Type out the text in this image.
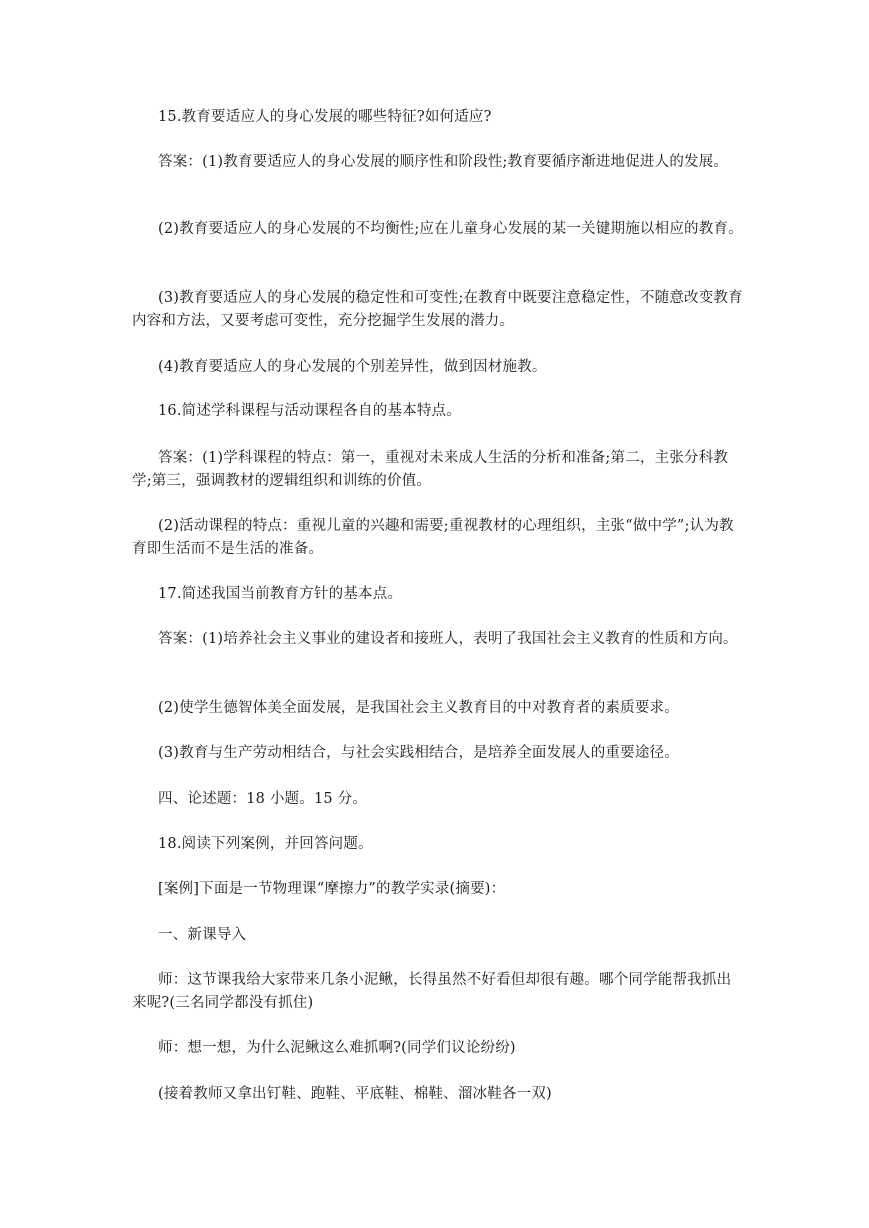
15.教育要适应人的身心发展的哪些特征?如何适应?

答案：(1)教育要适应人的身心发展的顺序性和阶段性;教育要循序渐进地促进人的发展。

(2)教育要适应人的身心发展的不均衡性;应在儿童身心发展的某一关键期施以相应的教育。

(3)教育要适应人的身心发展的稳定性和可变性;在教育中既要注意稳定性，不随意改变教育内容和方法，又要考虑可变性，充分挖掘学生发展的潜力。

(4)教育要适应人的身心发展的个别差异性，做到因材施教。

16.简述学科课程与活动课程各自的基本特点。

答案：(1)学科课程的特点：第一，重视对未来成人生活的分析和准备;第二，主张分科教学;第三，强调教材的逻辑组织和训练的价值。

(2)活动课程的特点：重视儿童的兴趣和需要;重视教材的心理组织，主张“做中学”;认为教育即生活而不是生活的准备。

17.简述我国当前教育方针的基本点。

答案：(1)培养社会主义事业的建设者和接班人，表明了我国社会主义教育的性质和方向。

(2)使学生德智体美全面发展，是我国社会主义教育目的中对教育者的素质要求。

(3)教育与生产劳动相结合，与社会实践相结合，是培养全面发展人的重要途径。

四、论述题：18 小题。15 分。

18.阅读下列案例，并回答问题。

[案例]下面是一节物理课“摩擦力”的教学实录(摘要)：

一、新课导入

师：这节课我给大家带来几条小泥鳅，长得虽然不好看但却很有趣。哪个同学能帮我抓出来呢?(三名同学都没有抓住)

师：想一想，为什么泥鳅这么难抓啊?(同学们议论纷纷)

(接着教师又拿出钉鞋、跑鞋、平底鞋、棉鞋、溜冰鞋各一双)
